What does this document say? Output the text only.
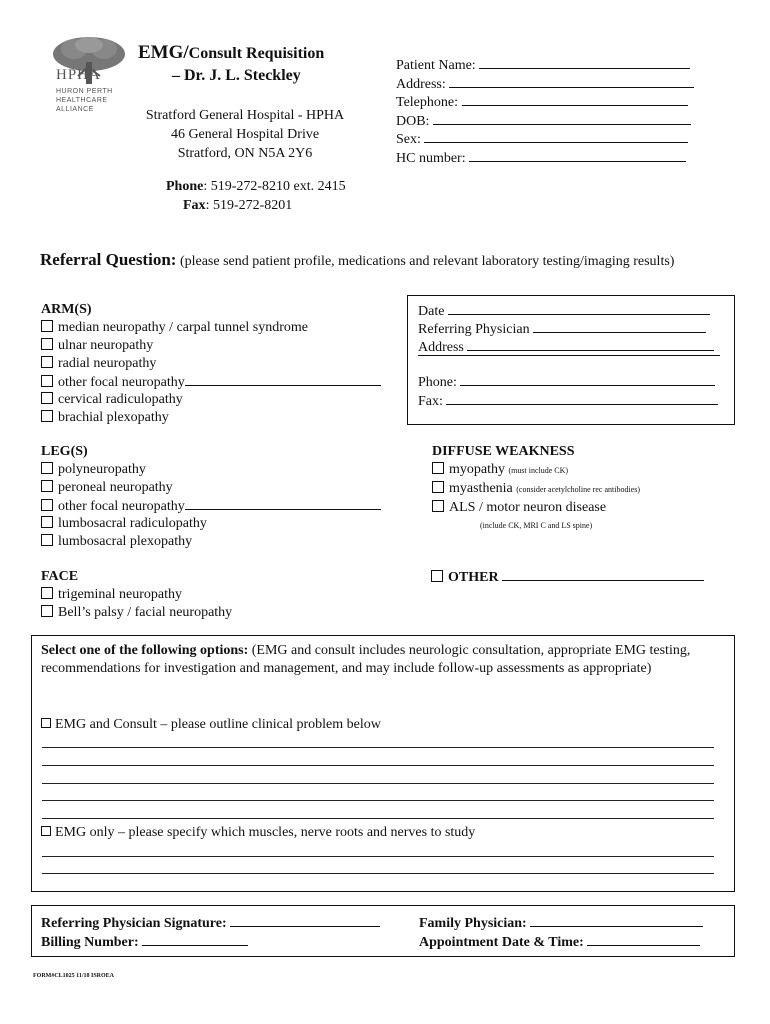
HPHA
HURON PERTH
HEALTHCARE
ALLIANCE
EMG/Consult Requisition
– Dr. J. L. Steckley
Stratford General Hospital - HPHA
46 General Hospital Drive
Stratford, ON N5A 2Y6
Phone: 519-272-8210 ext. 2415
Fax: 519-272-8201
Patient Name:
Address:
Telephone:
DOB:
Sex:
HC number:
Referral Question: (please send patient profile, medications and relevant laboratory testing/imaging results)
ARM(S)
median neuropathy / carpal tunnel syndrome
ulnar neuropathy
radial neuropathy
other focal neuropathy
cervical radiculopathy
brachial plexopathy
Date
Referring Physician
Address
Phone:
Fax:
LEG(S)
polyneuropathy
peroneal neuropathy
other focal neuropathy
lumbosacral radiculopathy
lumbosacral plexopathy
DIFFUSE WEAKNESS
myopathy (must include CK)
myasthenia (consider acetylcholine rec antibodies)
ALS / motor neuron disease
(include CK, MRI C and LS spine)
FACE
trigeminal neuropathy
Bell’s palsy / facial neuropathy
OTHER
Select one of the following options: (EMG and consult includes neurologic consultation, appropriate EMG testing, recommendations for investigation and management, and may include follow-up assessments as appropriate)
EMG and Consult – please outline clinical problem below
EMG only – please specify which muscles, nerve roots and nerves to study
Referring Physician Signature:
Billing Number:
Family Physician:
Appointment Date & Time:
FORM#CL1025 11/18 ISROEA
